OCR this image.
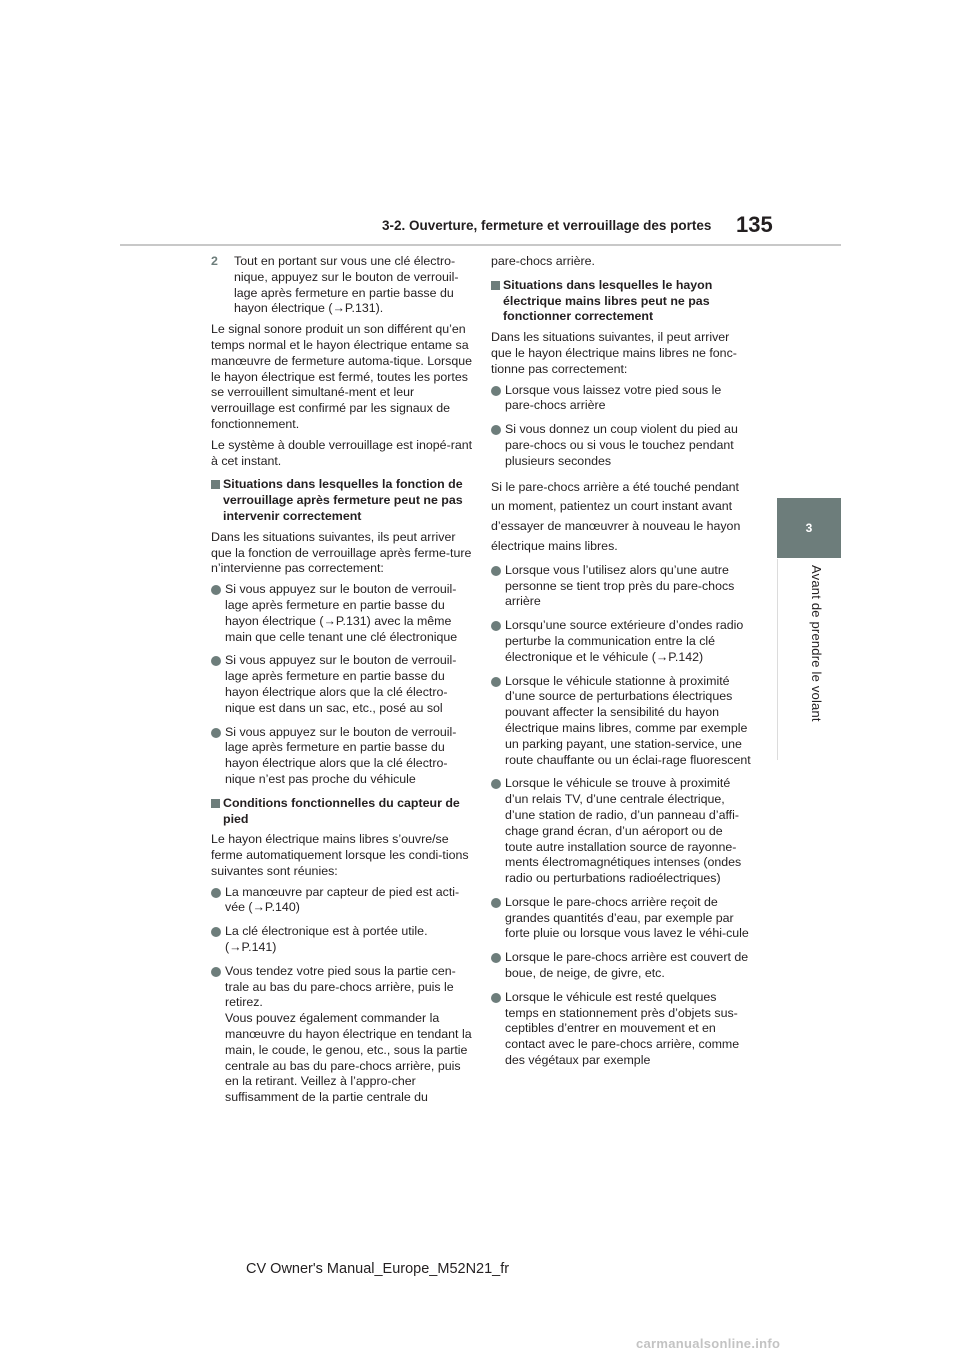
3-2. Ouverture, fermeture et verrouillage des portes 135
3
Avant de prendre le volant
2 Tout en portant sur vous une clé électro-nique, appuyez sur le bouton de verrouil-lage après fermeture en partie basse du hayon électrique (→P.131).

Le signal sonore produit un son différent qu’en temps normal et le hayon électrique entame sa manœuvre de fermeture automa-tique. Lorsque le hayon électrique est fermé, toutes les portes se verrouillent simultané-ment et leur verrouillage est confirmé par les signaux de fonctionnement.

Le système à double verrouillage est inopé-rant à cet instant.

Situations dans lesquelles la fonction de verrouillage après fermeture peut ne pas intervenir correctement

Dans les situations suivantes, ils peut arriver que la fonction de verrouillage après ferme-ture n’intervienne pas correctement:

Si vous appuyez sur le bouton de verrouil-lage après fermeture en partie basse du hayon électrique (→P.131) avec la même main que celle tenant une clé électronique
Si vous appuyez sur le bouton de verrouil-lage après fermeture en partie basse du hayon électrique alors que la clé électro-nique est dans un sac, etc., posé au sol
Si vous appuyez sur le bouton de verrouil-lage après fermeture en partie basse du hayon électrique alors que la clé électro-nique n’est pas proche du véhicule
Conditions fonctionnelles du capteur de pied

Le hayon électrique mains libres s’ouvre/se ferme automatiquement lorsque les condi-tions suivantes sont réunies:

La manœuvre par capteur de pied est acti-vée (→P.140)
La clé électronique est à portée utile. (→P.141)
Vous tendez votre pied sous la partie cen-trale au bas du pare-chocs arrière, puis le retirez.
Vous pouvez également commander la manœuvre du hayon électrique en tendant la main, le coude, le genou, etc., sous la partie centrale au bas du pare-chocs arrière, puis en la retirant. Veillez à l’appro-cher suffisamment de la partie centrale du

pare-chocs arrière.

Situations dans lesquelles le hayon électrique mains libres peut ne pas fonctionner correctement

Dans les situations suivantes, il peut arriver que le hayon électrique mains libres ne fonc-tionne pas correctement:

Lorsque vous laissez votre pied sous le pare-chocs arrière
Si vous donnez un coup violent du pied au pare-chocs ou si vous le touchez pendant plusieurs secondes

Si le pare-chocs arrière a été touché pendant un moment, patientez un court instant avant d’essayer de manœuvrer à nouveau le hayon électrique mains libres.

Lorsque vous l’utilisez alors qu’une autre personne se tient trop près du pare-chocs arrière
Lorsqu’une source extérieure d’ondes radio perturbe la communication entre la clé électronique et le véhicule (→P.142)
Lorsque le véhicule stationne à proximité d’une source de perturbations électriques pouvant affecter la sensibilité du hayon électrique mains libres, comme par exemple un parking payant, une station-service, une route chauffante ou un éclai-rage fluorescent
Lorsque le véhicule se trouve à proximité d’un relais TV, d’une centrale électrique, d’une station de radio, d’un panneau d’affi-chage grand écran, d’un aéroport ou de toute autre installation source de rayonne-ments électromagnétiques intenses (ondes radio ou perturbations radioélectriques)
Lorsque le pare-chocs arrière reçoit de grandes quantités d’eau, par exemple par forte pluie ou lorsque vous lavez le véhi-cule
Lorsque le pare-chocs arrière est couvert de boue, de neige, de givre, etc.
Lorsque le véhicule est resté quelques temps en stationnement près d’objets sus-ceptibles d’entrer en mouvement et en contact avec le pare-chocs arrière, comme des végétaux par exemple
CV Owner's Manual_Europe_M52N21_fr
carmanualsonline.info
